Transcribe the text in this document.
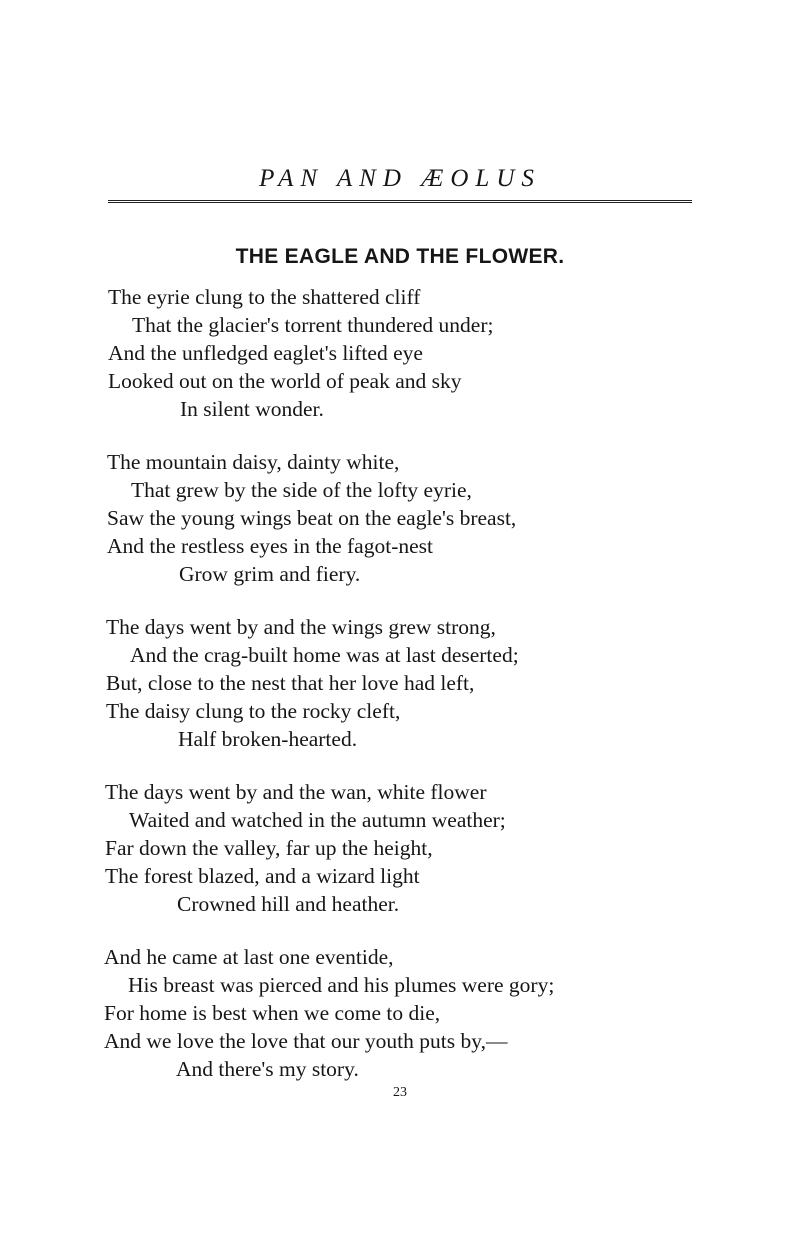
PAN AND ÆOLUS
THE EAGLE AND THE FLOWER.
The eyrie clung to the shattered cliff
That the glacier's torrent thundered under;
And the unfledged eaglet's lifted eye
Looked out on the world of peak and sky
In silent wonder.
The mountain daisy, dainty white,
That grew by the side of the lofty eyrie,
Saw the young wings beat on the eagle's breast,
And the restless eyes in the fagot-nest
Grow grim and fiery.
The days went by and the wings grew strong,
And the crag-built home was at last deserted;
But, close to the nest that her love had left,
The daisy clung to the rocky cleft,
Half broken-hearted.
The days went by and the wan, white flower
Waited and watched in the autumn weather;
Far down the valley, far up the height,
The forest blazed, and a wizard light
Crowned hill and heather.
And he came at last one eventide,
His breast was pierced and his plumes were gory;
For home is best when we come to die,
And we love the love that our youth puts by,—
And there's my story.
23
